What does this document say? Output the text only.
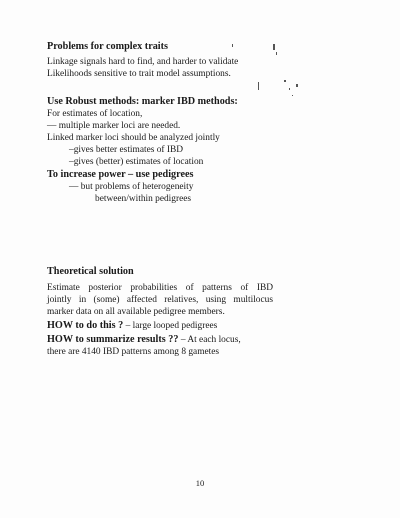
Problems for complex traits
Linkage signals hard to find, and harder to validate
Likelihoods sensitive to trait model assumptions.
Use Robust methods: marker IBD methods:
For estimates of location,
— multiple marker loci are needed.
Linked marker loci should be analyzed jointly
–gives better estimates of IBD
–gives (better) estimates of location
To increase power – use pedigrees
— but problems of heterogeneity
between/within pedigrees
Theoretical solution
Estimate posterior probabilities of patterns of IBD
jointly in (some) affected relatives, using multilocus
marker data on all available pedigree members.
HOW to do this ? – large looped pedigrees
HOW to summarize results ?? – At each locus,
there are 4140 IBD patterns among 8 gametes
10
